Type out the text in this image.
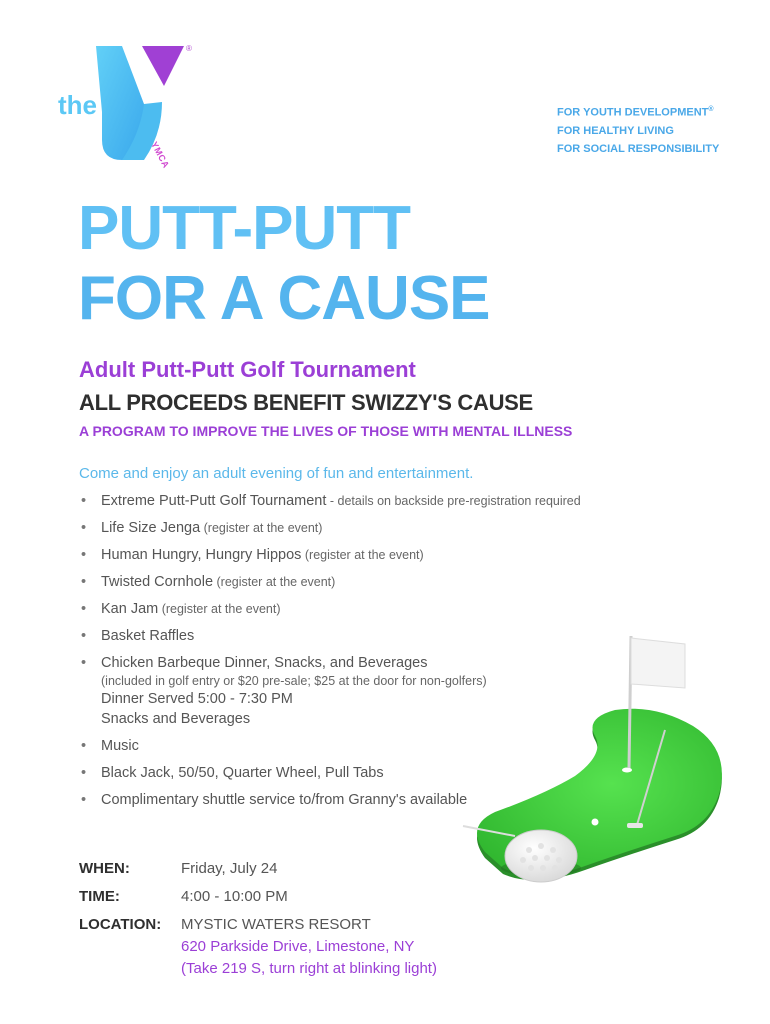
the
YMCA
®
FOR YOUTH DEVELOPMENT®
FOR HEALTHY LIVING
FOR SOCIAL RESPONSIBILITY
PUTT-PUTT
FOR A CAUSE
Adult Putt-Putt Golf Tournament
ALL PROCEEDS BENEFIT SWIZZY'S CAUSE
A PROGRAM TO IMPROVE THE LIVES OF THOSE WITH MENTAL ILLNESS

Come and enjoy an adult evening of fun and entertainment.

• Extreme Putt-Putt Golf Tournament - details on backside pre-registration required
• Life Size Jenga (register at the event)
• Human Hungry, Hungry Hippos (register at the event)
• Twisted Cornhole (register at the event)
• Kan Jam (register at the event)
• Basket Raffles
• Chicken Barbeque Dinner, Snacks, and Beverages
(included in golf entry or $20 pre-sale; $25 at the door for non-golfers)
Dinner Served 5:00 - 7:30 PM
Snacks and Beverages
• Music
• Black Jack, 50/50, Quarter Wheel, Pull Tabs
• Complimentary shuttle service to/from Granny's available
WHEN:	Friday, July 24
TIME:	4:00 - 10:00 PM
LOCATION: MYSTIC WATERS RESORT
620 Parkside Drive, Limestone, NY
(Take 219 S, turn right at blinking light)
